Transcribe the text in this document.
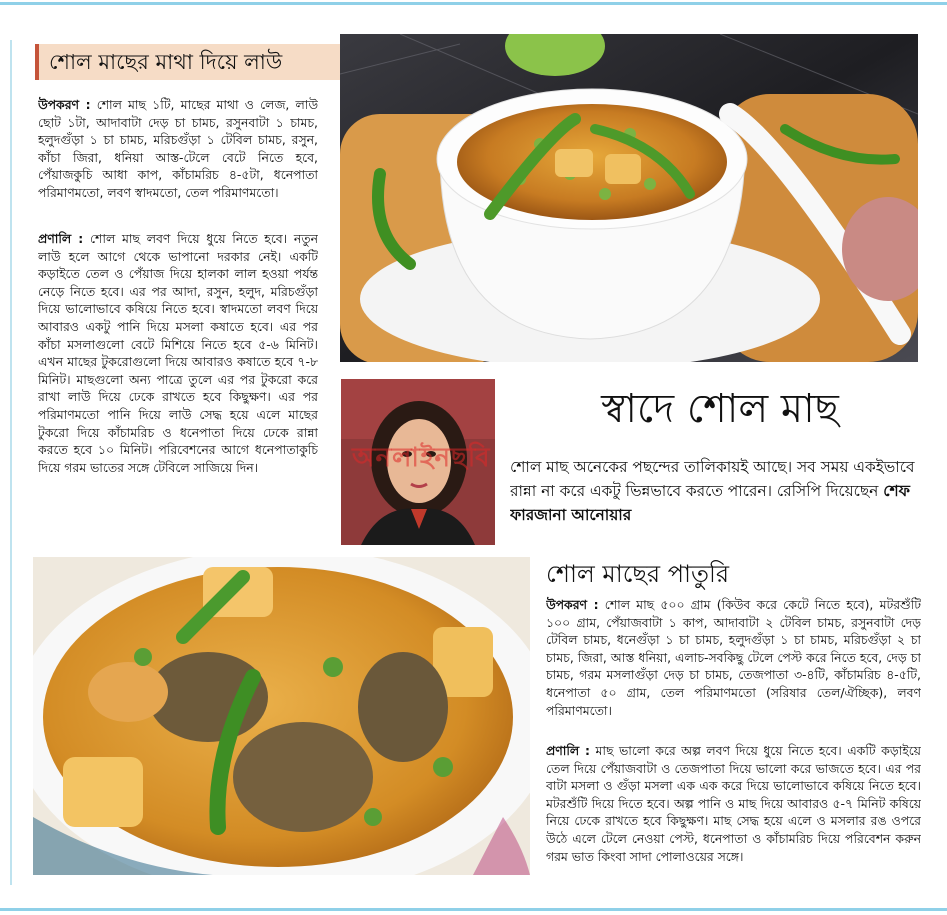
শোল মাছের মাথা দিয়ে লাউ
উপকরণ : শোল মাছ ১টি, মাছের মাথা ও লেজ, লাউ ছোট ১টা, আদাবাটা দেড় চা চামচ, রসুনবাটা ১ চামচ, হলুদগুঁড়া ১ চা চামচ, মরিচগুঁড়া ১ টেবিল চামচ, রসুন, কাঁচা জিরা, ধনিয়া আস্ত-টেলে বেটে নিতে হবে, পেঁয়াজকুচি আধা কাপ, কাঁচামরিচ ৪-৫টা, ধনেপাতা পরিমাণমতো, লবণ স্বাদমতো, তেল পরিমাণমতো।
প্রণালি : শোল মাছ লবণ দিয়ে ধুয়ে নিতে হবে। নতুন লাউ হলে আগে থেকে ভাপানো দরকার নেই। একটি কড়াইতে তেল ও পেঁয়াজ দিয়ে হালকা লাল হওয়া পর্যন্ত নেড়ে নিতে হবে। এর পর আদা, রসুন, হলুদ, মরিচগুঁড়া দিয়ে ভালোভাবে কষিয়ে নিতে হবে। স্বাদমতো লবণ দিয়ে আবারও একটু পানি দিয়ে মসলা কষাতে হবে। এর পর কাঁচা মসলাগুলো বেটে মিশিয়ে নিতে হবে ৫-৬ মিনিট। এখন মাছের টুকরোগুলো দিয়ে আবারও কষাতে হবে ৭-৮ মিনিট। মাছগুলো অন্য পাত্রে তুলে এর পর টুকরো করে রাখা লাউ দিয়ে ঢেকে রাখতে হবে কিছুক্ষণ। এর পর পরিমাণমতো পানি দিয়ে লাউ সেদ্ধ হয়ে এলে মাছের টুকরো দিয়ে কাঁচামরিচ ও ধনেপাতা দিয়ে ঢেকে রান্না করতে হবে ১০ মিনিট। পরিবেশনের আগে ধনেপাতাকুচি দিয়ে গরম ভাতের সঙ্গে টেবিলে সাজিয়ে দিন।	অনলাইনছবি
স্বাদে শোল মাছ
শোল মাছ অনেকের পছন্দের তালিকায়ই আছে। সব সময় একইভাবে রান্না না করে একটু ভিন্নভাবে করতে পারেন। রেসিপি দিয়েছেন শেফ ফারজানা আনোয়ার
শোল মাছের পাতুরি
উপকরণ : শোল মাছ ৫০০ গ্রাম (কিউব করে কেটে নিতে হবে), মটরশুঁটি ১০০ গ্রাম, পেঁয়াজবাটা ১ কাপ, আদাবাটা ২ টেবিল চামচ, রসুনবাটা দেড় টেবিল চামচ, ধনেগুঁড়া ১ চা চামচ, হলুদগুঁড়া ১ চা চামচ, মরিচগুঁড়া ২ চা চামচ, জিরা, আস্ত ধনিয়া, এলাচ-সবকিছু টেলে পেস্ট করে নিতে হবে, দেড় চা চামচ, গরম মসলাগুঁড়া দেড় চা চামচ, তেজপাতা ৩-৪টি, কাঁচামরিচ ৪-৫টি, ধনেপাতা ৫০ গ্রাম, তেল পরিমাণমতো (সরিষার তেল/ঐচ্ছিক), লবণ পরিমাণমতো।
প্রণালি : মাছ ভালো করে অল্প লবণ দিয়ে ধুয়ে নিতে হবে। একটি কড়াইয়ে তেল দিয়ে পেঁয়াজবাটা ও তেজপাতা দিয়ে ভালো করে ভাজতে হবে। এর পর বাটা মসলা ও গুঁড়া মসলা এক এক করে দিয়ে ভালোভাবে কষিয়ে নিতে হবে। মটরশুঁটি দিয়ে দিতে হবে। অল্প পানি ও মাছ দিয়ে আবারও ৫-৭ মিনিট কষিয়ে নিয়ে ঢেকে রাখতে হবে কিছুক্ষণ। মাছ সেদ্ধ হয়ে এলে ও মসলার রঙ ওপরে উঠে এলে টেলে নেওয়া পেস্ট, ধনেপাতা ও কাঁচামরিচ দিয়ে পরিবেশন করুন গরম ভাত কিংবা সাদা পোলাওয়ের সঙ্গে।
